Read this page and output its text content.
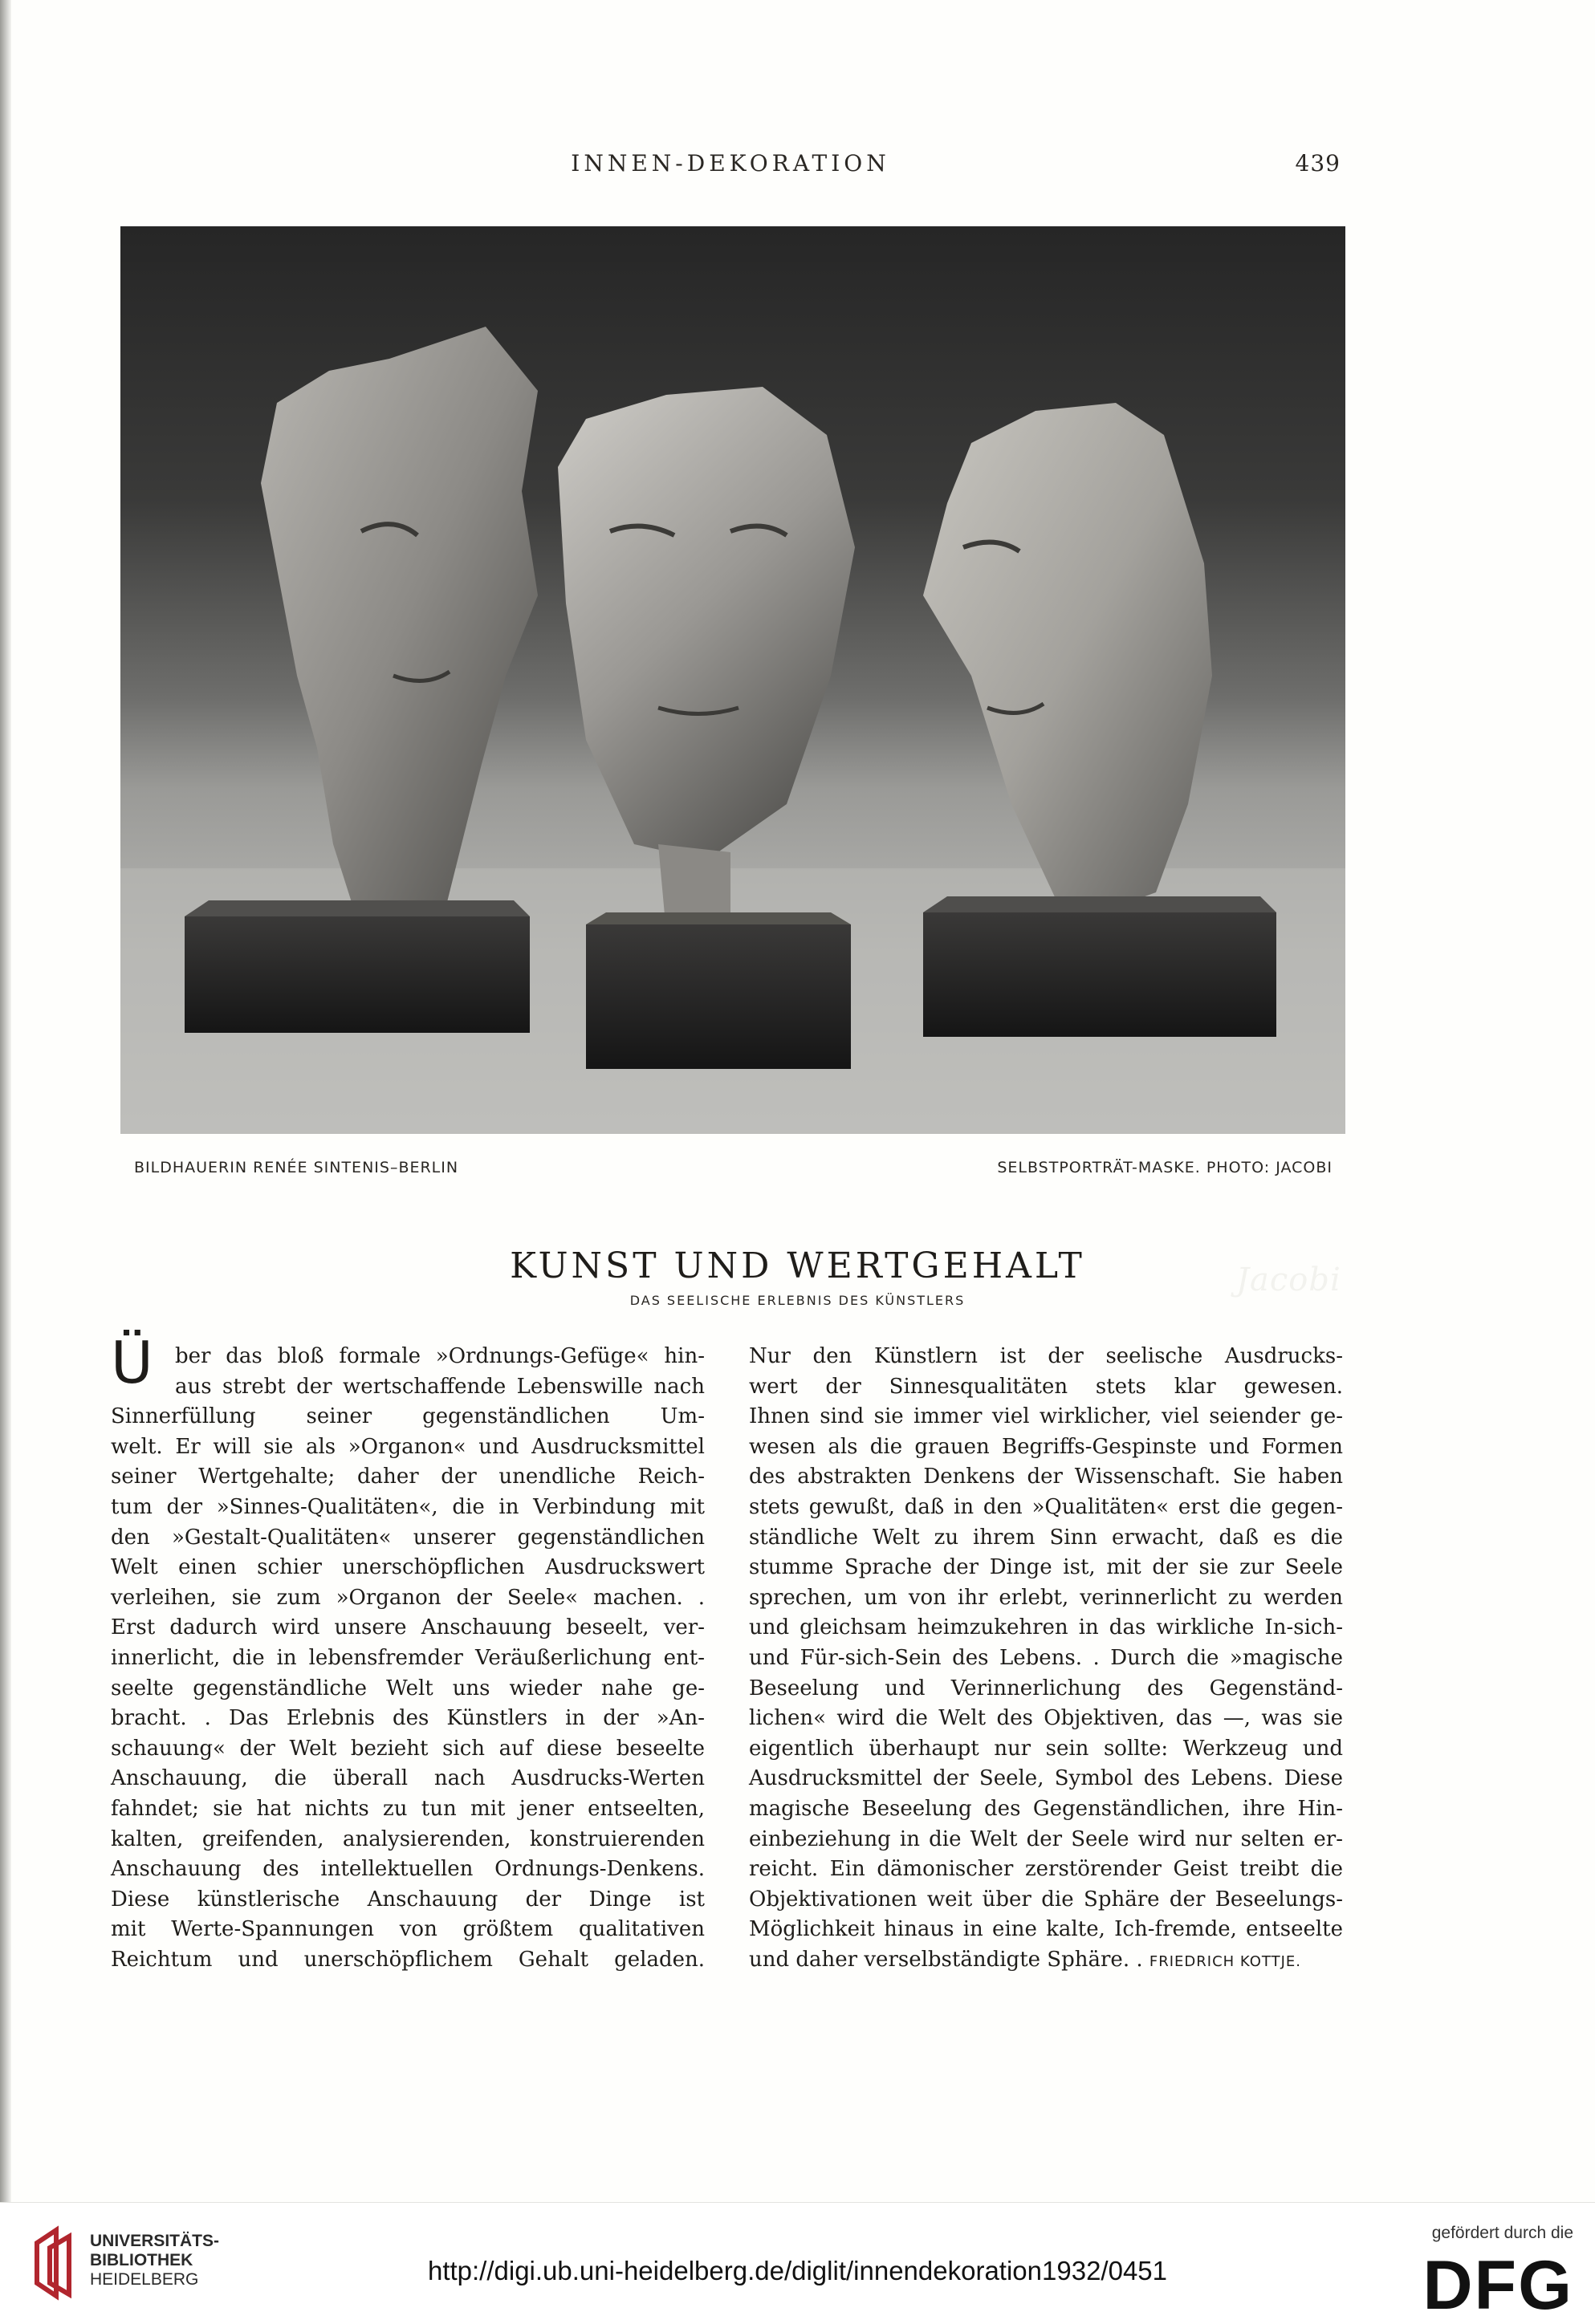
INNEN-DEKORATION	439
Jacobi
BILDHAUERIN RENÉE SINTENIS–BERLIN	SELBSTPORTRÄT-MASKE. PHOTO: JACOBI
KUNST UND WERTGEHALT
DAS SEELISCHE ERLEBNIS DES KÜNSTLERS
Ü	ber das bloß formale »Ordnungs-Gefüge« hin-
aus strebt der wertschaffende Lebenswille nach
Sinnerfüllung seiner gegenständlichen Um-
welt. Er will sie als »Organon« und Ausdrucksmittel
seiner Wertgehalte; daher der unendliche Reich-
tum der »Sinnes-Qualitäten«, die in Verbindung mit
den »Gestalt-Qualitäten« unserer gegenständlichen
Welt einen schier unerschöpflichen Ausdruckswert
verleihen, sie zum »Organon der Seele« machen. .
Erst dadurch wird unsere Anschauung beseelt, ver-
innerlicht, die in lebensfremder Veräußerlichung ent-
seelte gegenständliche Welt uns wieder nahe ge-
bracht. . Das Erlebnis des Künstlers in der »An-
schauung« der Welt bezieht sich auf diese beseelte
Anschauung, die überall nach Ausdrucks-Werten
fahndet; sie hat nichts zu tun mit jener entseelten,
kalten, greifenden, analysierenden, konstruierenden
Anschauung des intellektuellen Ordnungs-Denkens.
Diese künstlerische Anschauung der Dinge ist
mit Werte-Spannungen von größtem qualitativen
Reichtum und unerschöpflichem Gehalt geladen.
Nur den Künstlern ist der seelische Ausdrucks-
wert der Sinnesqualitäten stets klar gewesen.
Ihnen sind sie immer viel wirklicher, viel seiender ge-
wesen als die grauen Begriffs-Gespinste und Formen
des abstrakten Denkens der Wissenschaft. Sie haben
stets gewußt, daß in den »Qualitäten« erst die gegen-
ständliche Welt zu ihrem Sinn erwacht, daß es die
stumme Sprache der Dinge ist, mit der sie zur Seele
sprechen, um von ihr erlebt, verinnerlicht zu werden
und gleichsam heimzukehren in das wirkliche In-sich-
und Für-sich-Sein des Lebens. . Durch die »magische
Beseelung und Verinnerlichung des Gegenständ-
lichen« wird die Welt des Objektiven, das —, was sie
eigentlich überhaupt nur sein sollte: Werkzeug und
Ausdrucksmittel der Seele, Symbol des Lebens. Diese
magische Beseelung des Gegenständlichen, ihre Hin-
einbeziehung in die Welt der Seele wird nur selten er-
reicht. Ein dämonischer zerstörender Geist treibt die
Objektivationen weit über die Sphäre der Beseelungs-
Möglichkeit hinaus in eine kalte, Ich-fremde, entseelte
und daher verselbständigte Sphäre. . FRIEDRICH KOTTJE.
UNIVERSITÄTS-
BIBLIOTHEK
HEIDELBERG	http://digi.ub.uni-heidelberg.de/diglit/innendekoration1932/0451
gefördert durch die
DFG
